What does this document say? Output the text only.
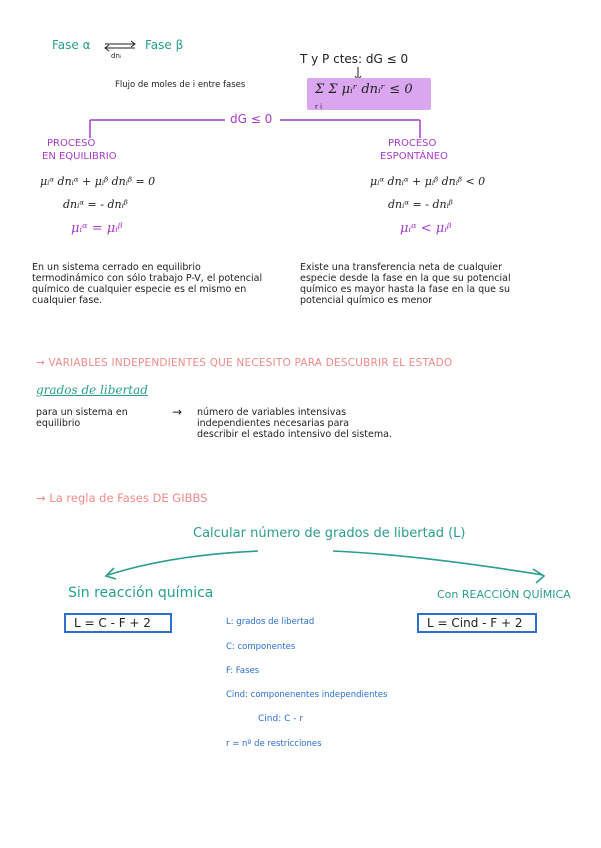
Fase α
dnᵢ
Fase β
Flujo de moles de i entre fases
T y P ctes: dG ≤ 0
Σ Σ μᵢʳ dnᵢʳ ≤ 0
r i
dG ≤ 0
PROCESO
EN EQUILIBRIO
μᵢᵅ dnᵢᵅ + μᵢᵝ dnᵢᵝ = 0
dnᵢᵅ = - dnᵢᵝ
μᵢᵅ = μᵢᵝ
En un sistema cerrado en equilibrio termodinámico con sólo trabajo P-V, el potencial químico de cualquier especie es el mismo en cualquier fase.
PROCESO
ESPONTÁNEO
μᵢᵅ dnᵢᵅ + μᵢᵝ dnᵢᵝ < 0
dnᵢᵅ = - dnᵢᵝ
μᵢᵅ < μᵢᵝ
Existe una transferencia neta de cualquier especie desde la fase en la que su potencial químico es mayor hasta la fase en la que su potencial químico es menor
→ VARIABLES INDEPENDIENTES QUE NECESITO PARA DESCUBRIR EL ESTADO
grados de libertad
para un sistema en equilibrio
→ número de variables intensivas independientes necesarias para describir el estado intensivo del sistema.
→ La regla de Fases DE GIBBS
Calcular número de grados de libertad (L)
Sin reacción química
L = C - F + 2
Con REACCIÓN QUÍMICA
L = Cind - F + 2
L: grados de libertad
C: componentes
F: Fases
Cind: componenentes independientes
Cind: C - r
r = nº de restricciones
